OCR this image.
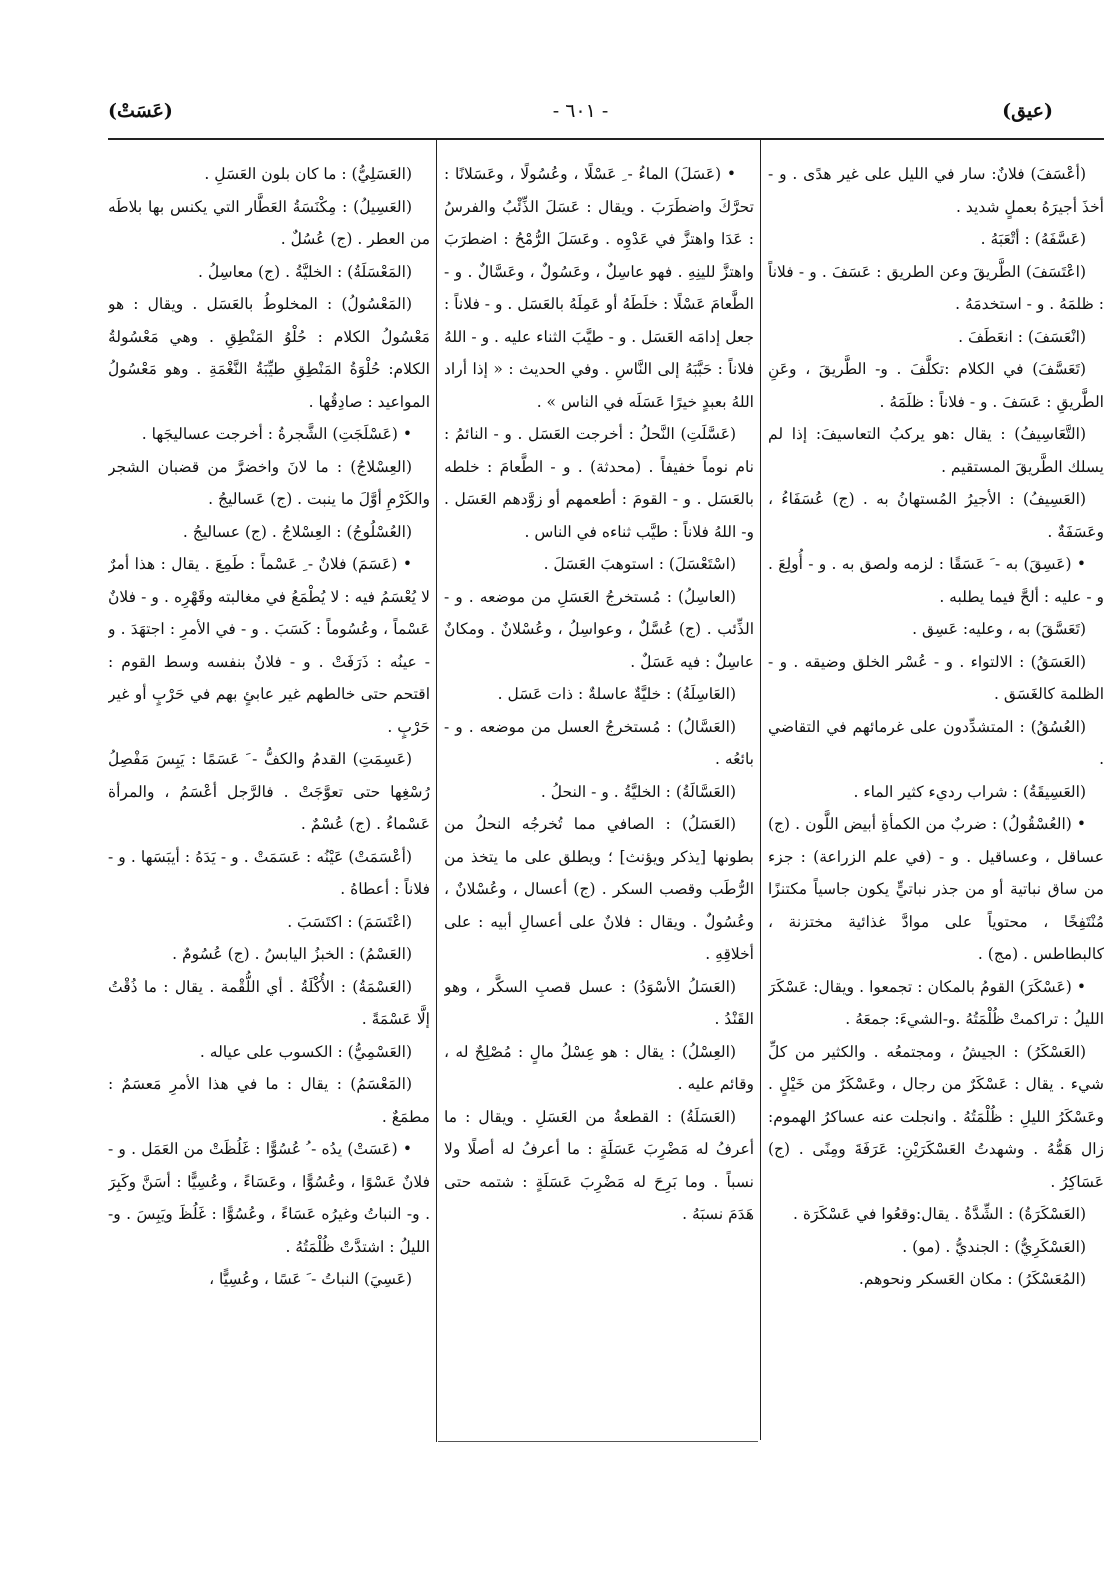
(عيق)
- ٦٠١ -
(عَسَتْ)

(أعْسَفَ) فلانٌ: سار في الليل على غير هدًى . و - أخذَ أجيرَهُ بعملٍ شديد .

(عَسَّفَهُ) : أتْعَبَهُ .

(اعْتَسَفَ) الطَّريقَ وعن الطريق : عَسَفَ . و - فلاناً : ظلمَهُ . و - استخدمَهُ .

(انْعَسَفَ) : انعَطَفَ .

(تَعَسَّفَ) في الكلام :تكلَّفَ . و- الطَّريقَ ، وعَنِ الطَّريقِ : عَسَفَ . و - فلاناً : ظلَمَهُ .

(التَّعَاسِيفُ) : يقال :هو يركبُ التعاسيفَ: إذا لم يسلك الطَّريقَ المستقيم .

(العَسِيفُ) : الأجيرُ المُستهانُ به . (ج) عُسَفَاءُ ، وعَسَفَةٌ .

• (عَسِقَ) به - َ عَسَقًا : لزمه ولصق به . و - أُولِعَ . و - عليه : ألحَّ فيما يطلبه .

(تَعَسَّقَ) به ، وعليه: عَسِق .

(العَسَقُ) : الالتواء . و - عُسْر الخلق وضيقه . و - الظلمة كالغَسَق .

(العُسُقُ) : المتشدِّدون على غرمائهم في التقاضي .

(العَسِيقَةُ) : شراب رديء كثير الماء .

• (العُسْقُولُ) : ضربٌ من الكمأةِ أبيض اللَّون . (ج) عساقل ، وعساقيل . و - (في علم الزراعة) : جزء من ساق نباتية أو من جذر نباتيٍّ يكون جاسياً مكتنزًا مُنْتَفِخًا ، محتوياً على موادَّ غذائية مختزنة ، كالبطاطس . (مج) .

• (عَسْكَرَ) القومُ بالمكان : تجمعوا . ويقال: عَسْكَرَ الليلُ : تراكمتْ ظُلْمَتُهُ .و-الشيءَ: جمعَهُ .

(العَسْكَرُ) : الجيشُ ، ومجتمعُه . والكثير من كلِّ شيء . يقال : عَسْكَرٌ من رجال ، وعَسْكَرٌ من خَيْلٍ . وعَسْكَرُ الليلِ : ظُلْمَتُهُ . وانجلت عنه عساكرُ الهموم: زال هَمُّهُ . وشهدتُ العَسْكَرَيْنِ: عَرَفَةَ ومِنًى . (ج) عَسَاكِرُ .

(العَسْكَرَةُ) : الشِّدَّةُ . يقال:وقعُوا في عَسْكَرَة .

(العَسْكَرِيُّ) : الجنديُّ . (مو) .

(المُعَسْكَرُ) : مكان العَسكر ونحوهم.

• (عَسَلَ) الماءُ - ِ عَسْلًا ، وعُسُولًا ، وعَسَلانًا : تحرَّكَ واضطَرَبَ . ويقال : عَسَلَ الذِّئْبُ والفرسُ : عَدَا واهتزَّ في عَدْوِه . وعَسَلَ الرُّمْحُ : اضطرَبَ واهتزَّ للينِهِ . فهو عاسِلٌ ، وعَسُولٌ ، وعَسَّالٌ . و - الطَّعامَ عَسْلًا : خلَطَهُ أو عَمِلَهُ بالعَسَل . و - فلاناً : جعل إدامَه العَسَل . و - طيَّبَ الثناء عليه . و - اللهُ فلاناً : حَبَّبَهُ إلى النَّاسِ . وفي الحديث : « إذا أراد اللهُ بعبدٍ خيرًا عَسَلَه في الناس » .

(عَسَّلَتِ) النَّحلُ : أخرجت العَسَل . و - النائمُ : نام نوماً خفيفاً . (محدثة) . و - الطَّعامَ : خلطه بالعَسَل . و - القومَ : أطعمهم أو زوَّدهم العَسَل . و- اللهُ فلاناً : طيَّب ثناءه في الناس .

(اسْتَعْسَلَ) : استوهبَ العَسَلَ .

(العاسِلُ) : مُستخرجُ العَسَلِ من موضعه . و - الذِّئب . (ج) عُسَّلٌ ، وعواسِلُ ، وعُسْلانٌ . ومكانٌ عاسِلٌ : فيه عَسَلٌ .

(العَاسِلَةُ) : خليَّةٌ عاسلةٌ : ذات عَسَل .

(العَسَّالُ) : مُستخرجُ العسل من موضعه . و - بائعُه .

(العَسَّالَةُ) : الخليَّةُ . و - النحلُ .

(العَسَلُ) : الصافي مما تُخرجُه النحلُ من بطونها [يذكر ويؤنث] ؛ ويطلق على ما يتخذ من الرُّطَب وقصب السكر . (ج) أعسال ، وعُسْلانٌ ، وعُسُولٌ . ويقال : فلانٌ على أعسالِ أبيه : على أخلاقِهِ .

(العَسَلُ الأسْوَدُ) : عسل قصبِ السكَّر ، وهو القَنْدُ .

(العِسْلُ) : يقال : هو عِسْلُ مالٍ : مُصْلِحٌ له ، وقائم عليه .

(العَسَلَةُ) : القطعةُ من العَسَلِ . ويقال : ما أعرفُ له مَضْرِبَ عَسَلَةٍ : ما أعرفُ له أصلًا ولا نسباً . وما بَرِحَ له مَضْرِبَ عَسَلَةٍ : شتمه حتى هَدَمَ نسبَهُ .

(العَسَلِيُّ) : ما كان بلون العَسَلِ .

(العَسِيلُ) : مِكْنَسَةُ العَطَّار التي يكنس بها بلاطَه من العطر . (ج) عُسُلٌ .

(المَعْسَلَةُ) : الخليَّةُ . (ج) معاسِلُ .

(المَعْسُولُ) : المخلوطُ بالعَسَل . ويقال : هو مَعْسُولُ الكلام : حُلْوُ المَنْطِقِ . وهي مَعْسُولةُ الكلام: حُلْوَةُ المَنْطِقِ طيِّبَةُ النَّغْمَةِ . وهو مَعْسُولُ المواعيد : صادِقُها .

• (عَسْلَجَتِ) الشَّجرةُ : أخرجت عساليجَها .

(العِسْلاجُ) : ما لانَ واخضرَّ من قضبان الشجر والكَرْمِ أوَّلَ ما ينبت . (ج) عَساليجُ .

(العُسْلُوجُ) : العِسْلاجُ . (ج) عساليجُ .

• (عَسَمَ) فلانٌ - ِ عَسْماً : طَمِعَ . يقال : هذا أمرٌ لا يُعْسَمُ فيه : لا يُطْمَعُ في مغالبته وقَهْرِه . و - فلانٌ عَسْماً ، وعُسُوماً : كَسَبَ . و - في الأمرِ : اجتهَدَ . و - عينُه : ذَرَفَتْ . و - فلانٌ بنفسه وسط القوم : اقتحم حتى خالطهم غير عابئٍ بهم في حَرْبٍ أو غير حَرْبٍ .

(عَسِمَتِ) القدمُ والكفُّ - َ عَسَمًا : يَبِسَ مَفْصِلُ رُسْغِها حتى تعوَّجَتْ . فالرَّجل أعْسَمُ ، والمرأة عَسْماءُ . (ج) عُسْمٌ .

(أعْسَمَتْ) عَيْنُه : عَسَمَتْ . و - يَدَهُ : أيبَسَها . و - فلاناً : أعطاهُ .

(اعْتَسَمَ) : اكتَسَبَ .

(العَسْمُ) : الخبزُ اليابسُ . (ج) عُسُومٌ .

(العَسْمَةُ) : الأُكْلَةُ . أي اللُّقْمة . يقال : ما ذُقْتُ إلَّا عَسْمَةً .

(العَسْمِيُّ) : الكسوب على عياله .

(المَعْسَمُ) : يقال : ما في هذا الأمرِ مَعسَمٌ : مطمَعٌ .

• (عَسَتْ) يدُه - ُ عُسُوًّا : غَلُظَتْ من العَمَل . و - فلانٌ عَسْوًا ، وعُسُوًّا ، وعَسَاءً ، وعُسِيًّا : أسَنَّ وكَبِرَ . و- النباتُ وغيرُه عَسَاءً ، وعُسُوًّا : غَلُظَ ويَبِسَ . و- الليلُ : اشتدَّتْ ظُلْمَتُهُ .

(عَسِيَ) النباتُ - َ عَسًا ، وعُسِيًّا ،
